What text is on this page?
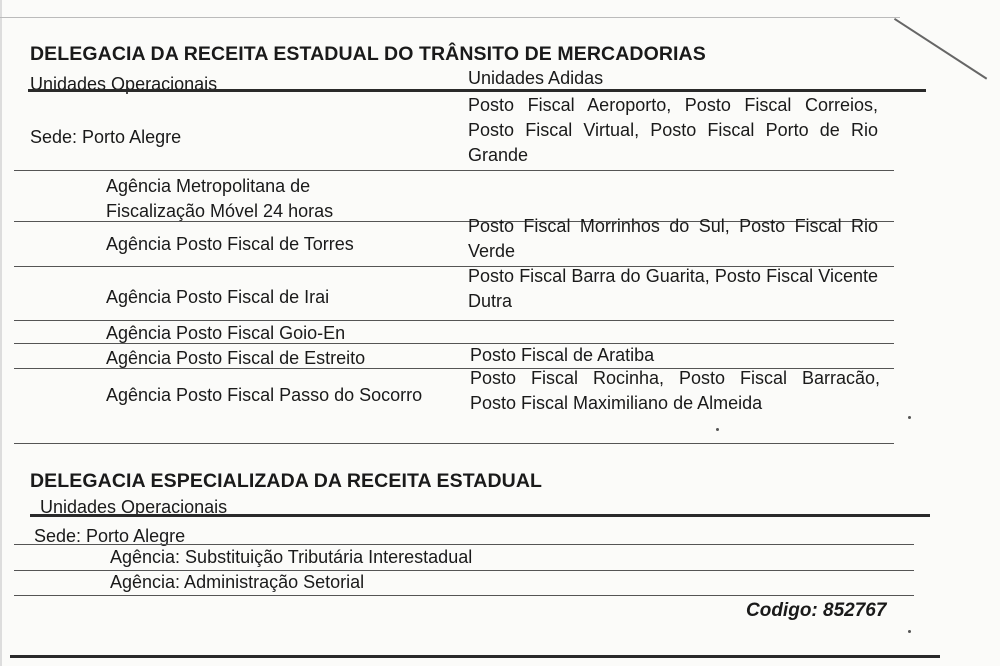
DELEGACIA DA RECEITA ESTADUAL DO TRÂNSITO DE MERCADORIAS
Unidades Operacionais	Unidades Adidas
Sede: Porto Alegre
Posto Fiscal Aeroporto, Posto Fiscal Correios, Posto Fiscal Virtual, Posto Fiscal Porto de Rio Grande
Agência Metropolitana de Fiscalização Móvel 24 horas
Agência Posto Fiscal de Torres
Posto Fiscal Morrinhos do Sul, Posto Fiscal Rio Verde
Agência Posto Fiscal de Irai
Posto Fiscal Barra do Guarita, Posto Fiscal Vicente Dutra
Agência Posto Fiscal Goio-En
Agência Posto Fiscal de Estreito	Posto Fiscal de Aratiba
Agência Posto Fiscal Passo do Socorro
Posto Fiscal Rocinha, Posto Fiscal Barracão, Posto Fiscal Maximiliano de Almeida
DELEGACIA ESPECIALIZADA DA RECEITA ESTADUAL
Unidades Operacionais
Sede: Porto Alegre
Agência: Substituição Tributária Interestadual
Agência: Administração Setorial
Codigo: 852767
